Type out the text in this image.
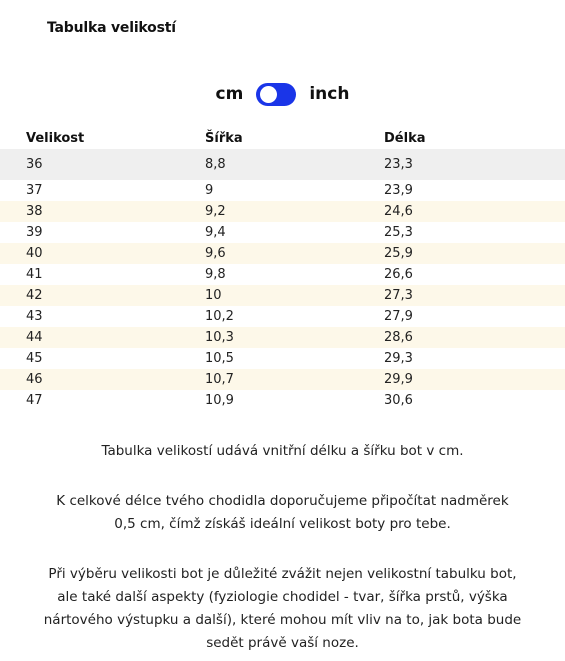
Tabulka velikostí
cm	inch
Velikost	Šířka	Délka
36	8,8	23,3
37	9	23,9
38	9,2	24,6
39	9,4	25,3
40	9,6	25,9
41	9,8	26,6
42	10	27,3
43	10,2	27,9
44	10,3	28,6
45	10,5	29,3
46	10,7	29,9
47	10,9	30,6
Tabulka velikostí udává vnitřní délku a šířku bot v cm.
K celkové délce tvého chodidla doporučujeme připočítat nadměrek 0,5 cm, čímž získáš ideální velikost boty pro tebe.
Při výběru velikosti bot je důležité zvážit nejen velikostní tabulku bot, ale také další aspekty (fyziologie chodidel - tvar, šířka prstů, výška nártového výstupku a další), které mohou mít vliv na to, jak bota bude sedět právě vaší noze.
